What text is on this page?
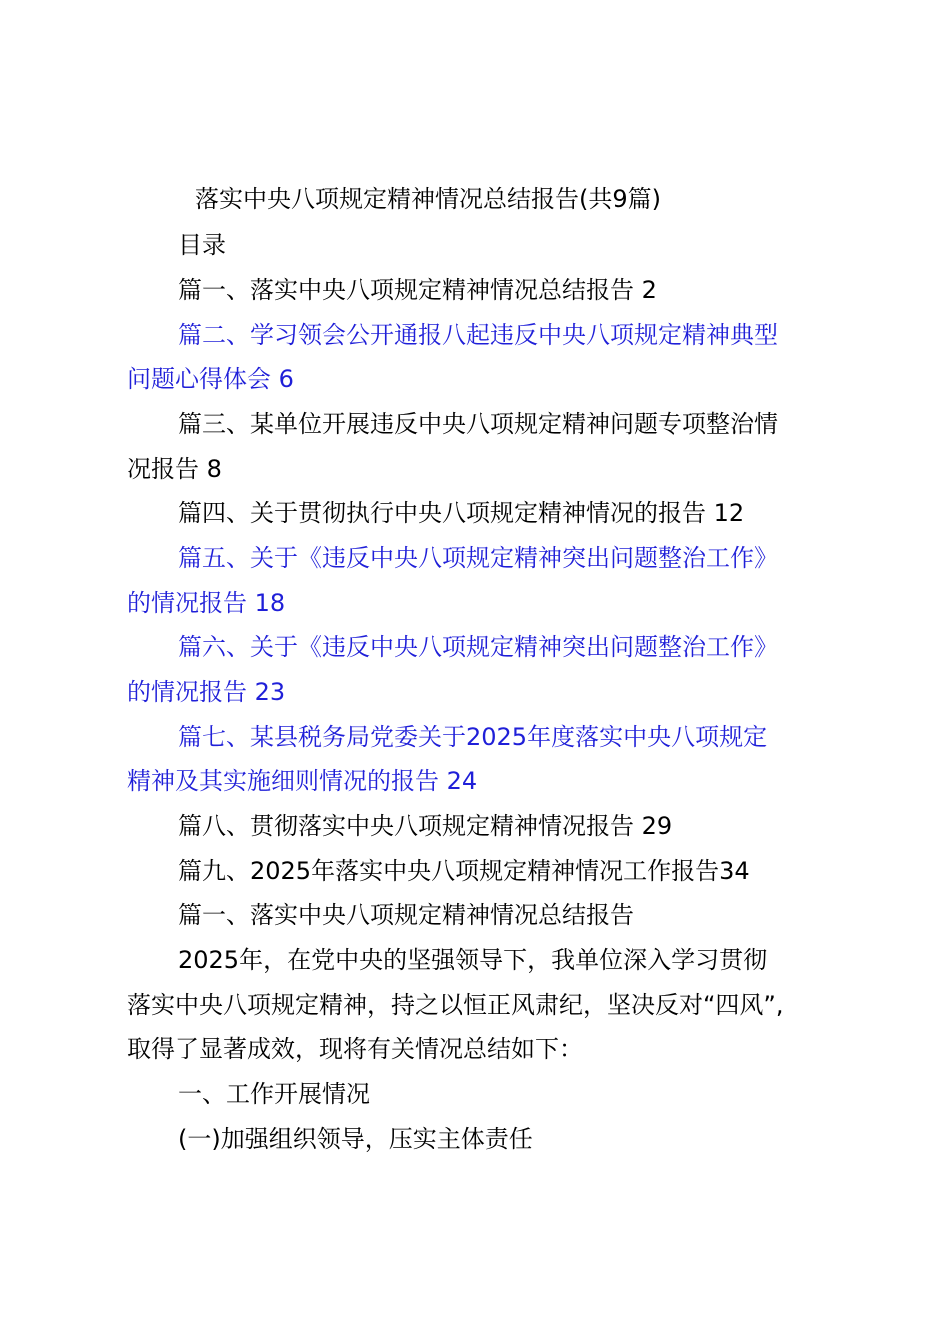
落实中央八项规定精神情况总结报告(共9篇)
目录
篇一、落实中央八项规定精神情况总结报告 2
篇二、学习领会公开通报八起违反中央八项规定精神典型
问题心得体会 6
篇三、某单位开展违反中央八项规定精神问题专项整治情
况报告 8
篇四、关于贯彻执行中央八项规定精神情况的报告 12
篇五、关于《违反中央八项规定精神突出问题整治工作》
的情况报告 18
篇六、关于《违反中央八项规定精神突出问题整治工作》
的情况报告 23
篇七、某县税务局党委关于2025年度落实中央八项规定
精神及其实施细则情况的报告 24
篇八、贯彻落实中央八项规定精神情况报告 29
篇九、2025年落实中央八项规定精神情况工作报告34
篇一、落实中央八项规定精神情况总结报告
2025年，在党中央的坚强领导下，我单位深入学习贯彻
落实中央八项规定精神，持之以恒正风肃纪，坚决反对“四风”,
取得了显著成效，现将有关情况总结如下：
一、工作开展情况
(一)加强组织领导，压实主体责任
